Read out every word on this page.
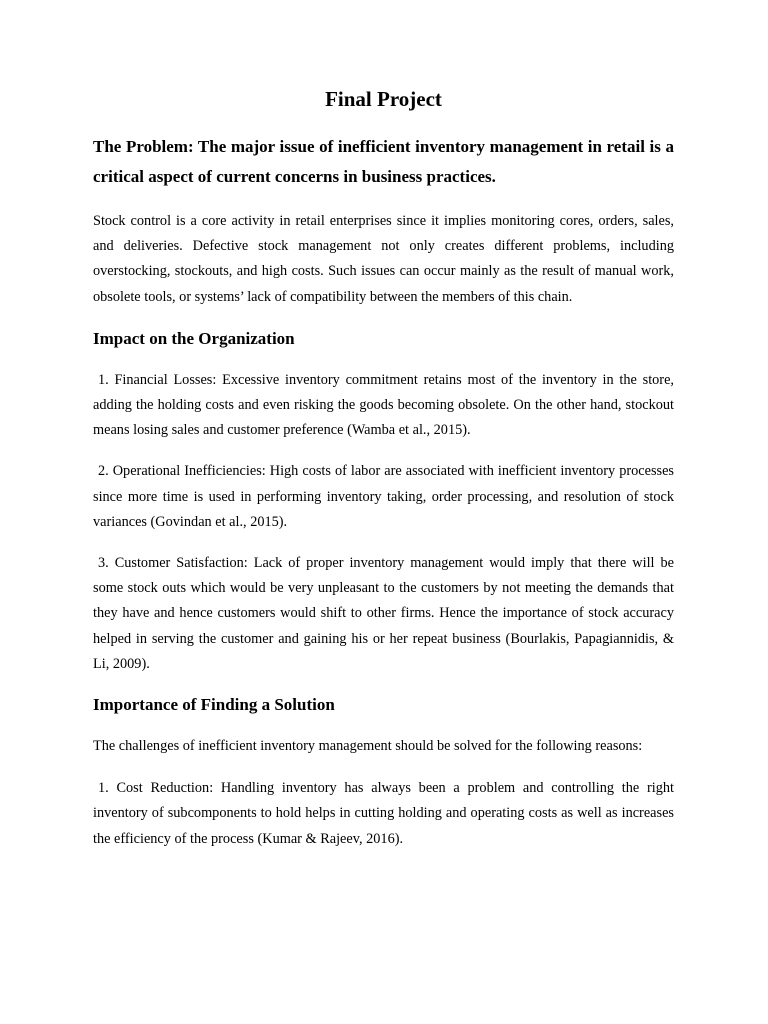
Final Project

The Problem: The major issue of inefficient inventory management in retail is a critical aspect of current concerns in business practices.

Stock control is a core activity in retail enterprises since it implies monitoring cores, orders, sales, and deliveries. Defective stock management not only creates different problems, including overstocking, stockouts, and high costs. Such issues can occur mainly as the result of manual work, obsolete tools, or systems’ lack of compatibility between the members of this chain.

Impact on the Organization

1. Financial Losses: Excessive inventory commitment retains most of the inventory in the store, adding the holding costs and even risking the goods becoming obsolete. On the other hand, stockout means losing sales and customer preference (Wamba et al., 2015).

2. Operational Inefficiencies: High costs of labor are associated with inefficient inventory processes since more time is used in performing inventory taking, order processing, and resolution of stock variances (Govindan et al., 2015).

3. Customer Satisfaction: Lack of proper inventory management would imply that there will be some stock outs which would be very unpleasant to the customers by not meeting the demands that they have and hence customers would shift to other firms. Hence the importance of stock accuracy helped in serving the customer and gaining his or her repeat business (Bourlakis, Papagiannidis, & Li, 2009).

Importance of Finding a Solution

The challenges of inefficient inventory management should be solved for the following reasons:

1. Cost Reduction: Handling inventory has always been a problem and controlling the right inventory of subcomponents to hold helps in cutting holding and operating costs as well as increases the efficiency of the process (Kumar & Rajeev, 2016).
